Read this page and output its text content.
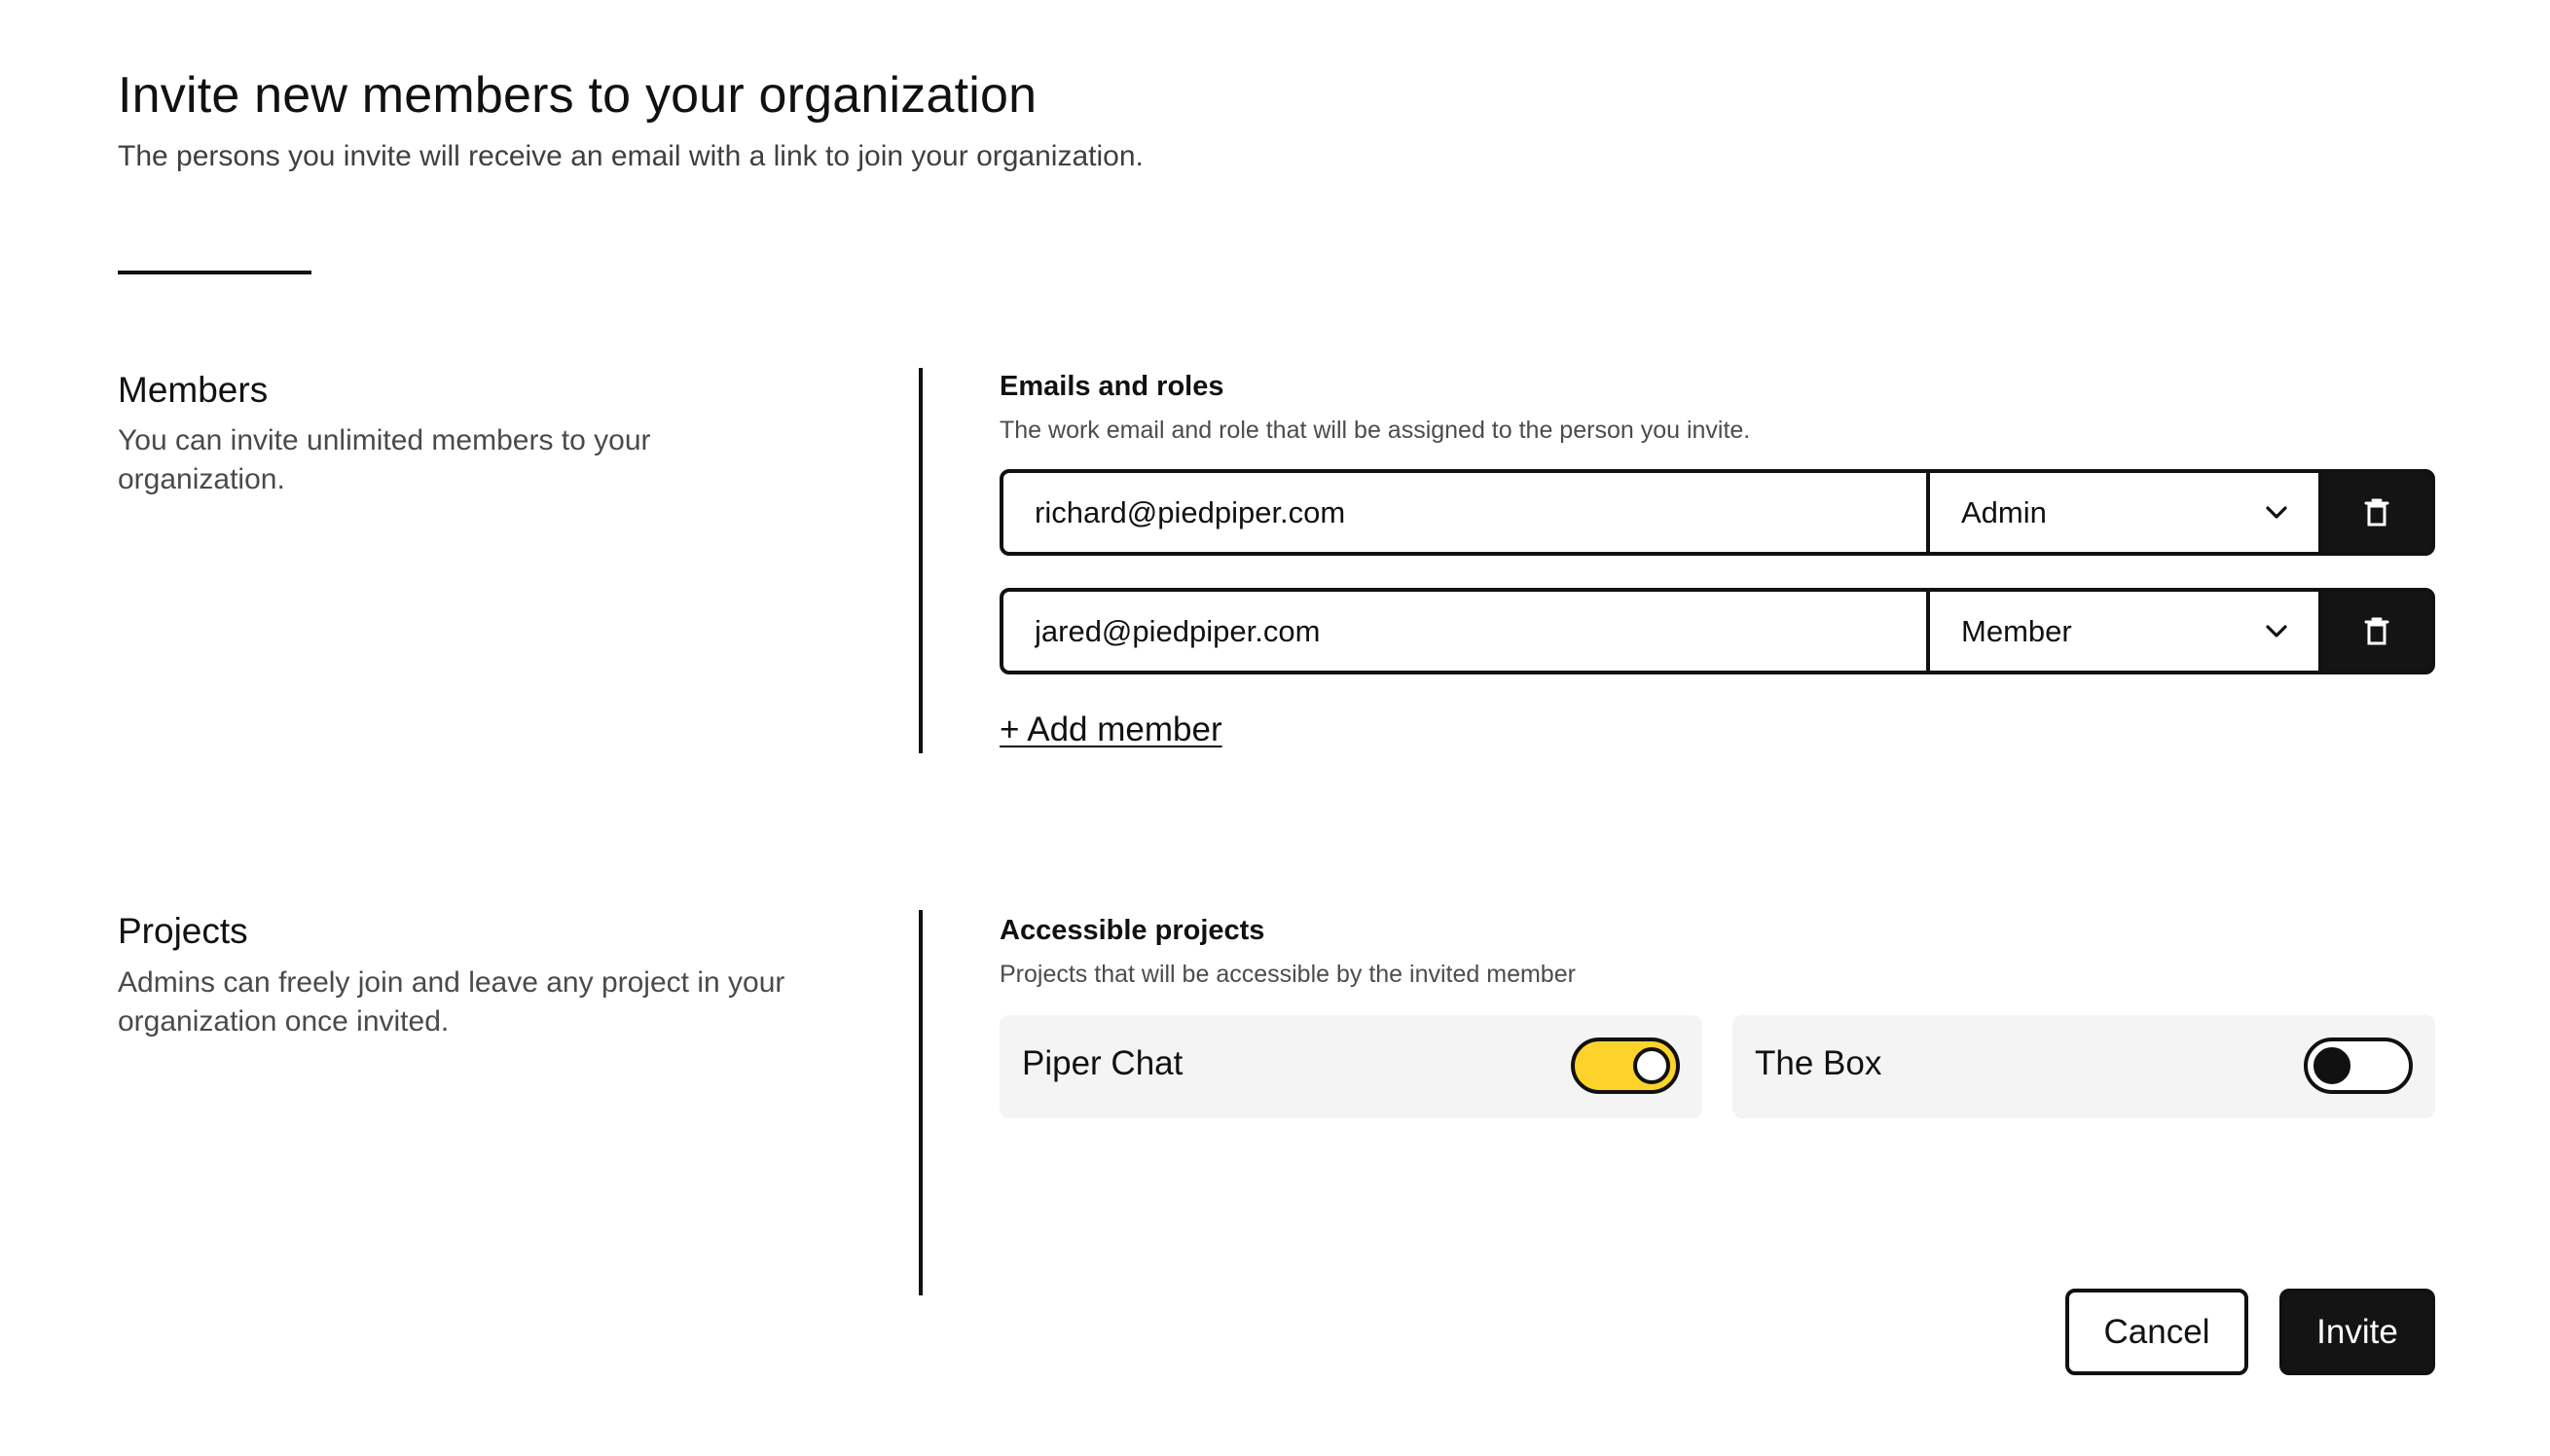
Invite new members to your organization
The persons you invite will receive an email with a link to join your organization.
Members
You can invite unlimited members to your organization.
Emails and roles
The work email and role that will be assigned to the person you invite.
richard@piedpiper.com
Admin
jared@piedpiper.com
Member
+ Add member
Projects
Admins can freely join and leave any project in your organization once invited.
Accessible projects
Projects that will be accessible by the invited member
Piper Chat	The Box
Cancel	Invite
